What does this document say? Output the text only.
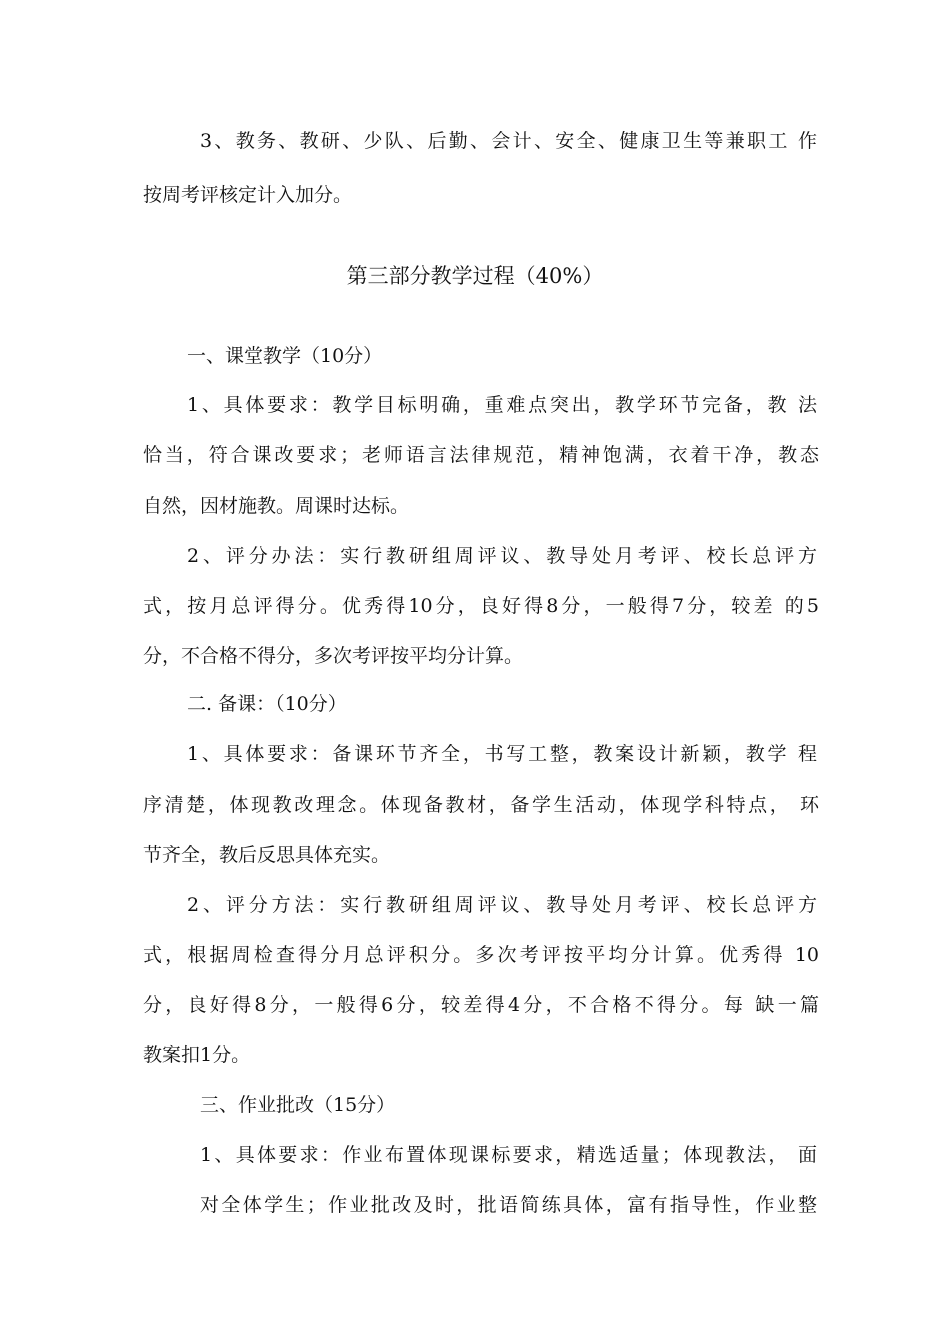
3、教务、教研、少队、后勤、会计、安全、健康卫生等兼职工 作
按周考评核定计入加分。
第三部分教学过程（40%）
一、课堂教学（10分）
1、具体要求：教学目标明确，重难点突出，教学环节完备，教 法
恰当，符合课改要求；老师语言法律规范，精神饱满，衣着干净，教态
自然，因材施教。周课时达标。
2、评分办法：实行教研组周评议、教导处月考评、校长总评方
式，按月总评得分。优秀得10分，良好得8分，一般得7分，较差 的5
分，不合格不得分，多次考评按平均分计算。
二. 备课：（10分）
1、具体要求：备课环节齐全，书写工整，教案设计新颖，教学 程
序清楚，体现教改理念。体现备教材，备学生活动，体现学科特点， 环
节齐全，教后反思具体充实。
2、评分方法：实行教研组周评议、教导处月考评、校长总评方
式，根据周检查得分月总评积分。多次考评按平均分计算。优秀得 10
分，良好得8分，一般得6分，较差得4分，不合格不得分。每 缺一篇
教案扣1分。
三、作业批改（15分）
1、具体要求：作业布置体现课标要求，精选适量；体现教法， 面
对全体学生；作业批改及时，批语简练具体，富有指导性，作业整
